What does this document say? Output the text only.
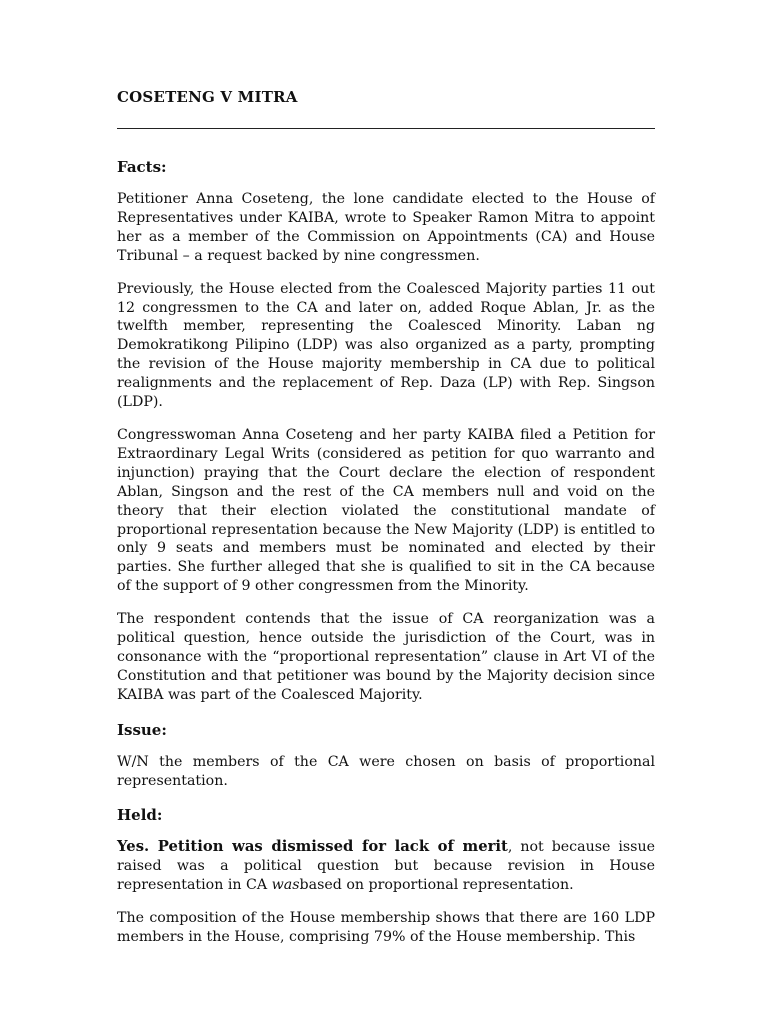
COSETENG V MITRA
Facts:

Petitioner Anna Coseteng, the lone candidate elected to the House of Representatives under KAIBA, wrote to Speaker Ramon Mitra to appoint her as a member of the Commission on Appointments (CA) and House Tribunal – a request backed by nine congressmen.

Previously, the House elected from the Coalesced Majority parties 11 out 12 congressmen to the CA and later on, added Roque Ablan, Jr. as the twelfth member, representing the Coalesced Minority. Laban ng Demokratikong Pilipino (LDP) was also organized as a party, prompting the revision of the House majority membership in CA due to political realignments and the replacement of Rep. Daza (LP) with Rep. Singson (LDP).

Congresswoman Anna Coseteng and her party KAIBA filed a Petition for Extraordinary Legal Writs (considered as petition for quo warranto and injunction) praying that the Court declare the election of respondent Ablan, Singson and the rest of the CA members null and void on the theory that their election violated the constitutional mandate of proportional representation because the New Majority (LDP) is entitled to only 9 seats and members must be nominated and elected by their parties. She further alleged that she is qualified to sit in the CA because of the support of 9 other congressmen from the Minority.

The respondent contends that the issue of CA reorganization was a political question, hence outside the jurisdiction of the Court, was in consonance with the “proportional representation” clause in Art VI of the Constitution and that petitioner was bound by the Majority decision since KAIBA was part of the Coalesced Majority.

Issue:

W/N the members of the CA were chosen on basis of proportional representation.

Held:

Yes. Petition was dismissed for lack of merit, not because issue raised was a political question but because revision in House representation in CA wasbased on proportional representation.

The composition of the House membership shows that there are 160 LDP members in the House, comprising 79% of the House membership. This
